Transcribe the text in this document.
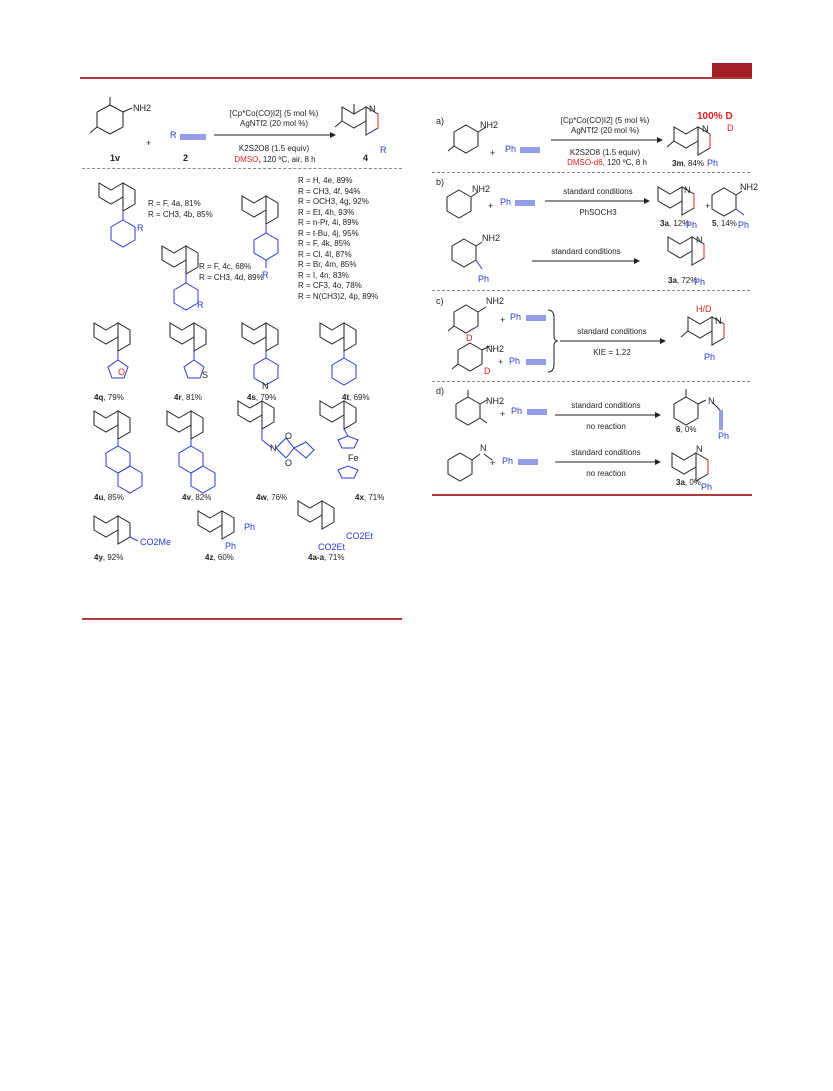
NH2
1v
+
R
2
[Cp*Co(CO)I2] (5 mol %)
AgNTf2 (20 mol %)
K2S2O8 (1.5 equiv)
DMSO, 120 ºC, air, 8 h
N
R
4
R
R = F, 4a, 81%
R = CH3, 4b, 85%
R
R = F, 4c, 68%
R = CH3, 4d, 89%
R
R = H, 4e, 89%
R = CH3, 4f, 94%
R = OCH3, 4g, 92%
R = Et, 4h, 93%
R = n-Pr, 4i, 89%
R = t-Bu, 4j, 95%
R = F, 4k, 85%
R = Cl, 4l, 87%
R = Br, 4m, 85%
R = I, 4n, 83%
R = CF3, 4o, 78%
R = N(CH3)2, 4p, 89%
O
4q, 79%
S
4r, 81%
N
4s, 79%	4t, 69%
4u, 85%	4v, 82%
N
O
O
4w, 76%
Fe
4x, 71%
CO2Me
4y, 92%
Ph
Ph
4z, 60%
CO2Et
CO2Et
4a-a, 71%
a)	NH2
+ Ph
[Cp*Co(CO)I2] (5 mol %)
AgNTf2 (20 mol %)
K2S2O8 (1.5 equiv)
DMSO-d6, 120 ºC, 8 h
100% D
N D
3m, 84% Ph
b)
NH2
+ Ph
standard conditions
PhSOCH3
N
3a, 12%
Ph
+
NH2
5, 14% Ph
NH2
Ph
standard conditions
N
3a, 72%
Ph
c)	NH2
+ Ph
D
NH2
D
+ Ph
standard conditions
KIE = 1.22
H/D
N
Ph
d)
NH2
+ Ph
standard conditions
no reaction
N
6, 0%
Ph
N
+ Ph
standard conditions
no reaction
N
3a, 0% Ph
